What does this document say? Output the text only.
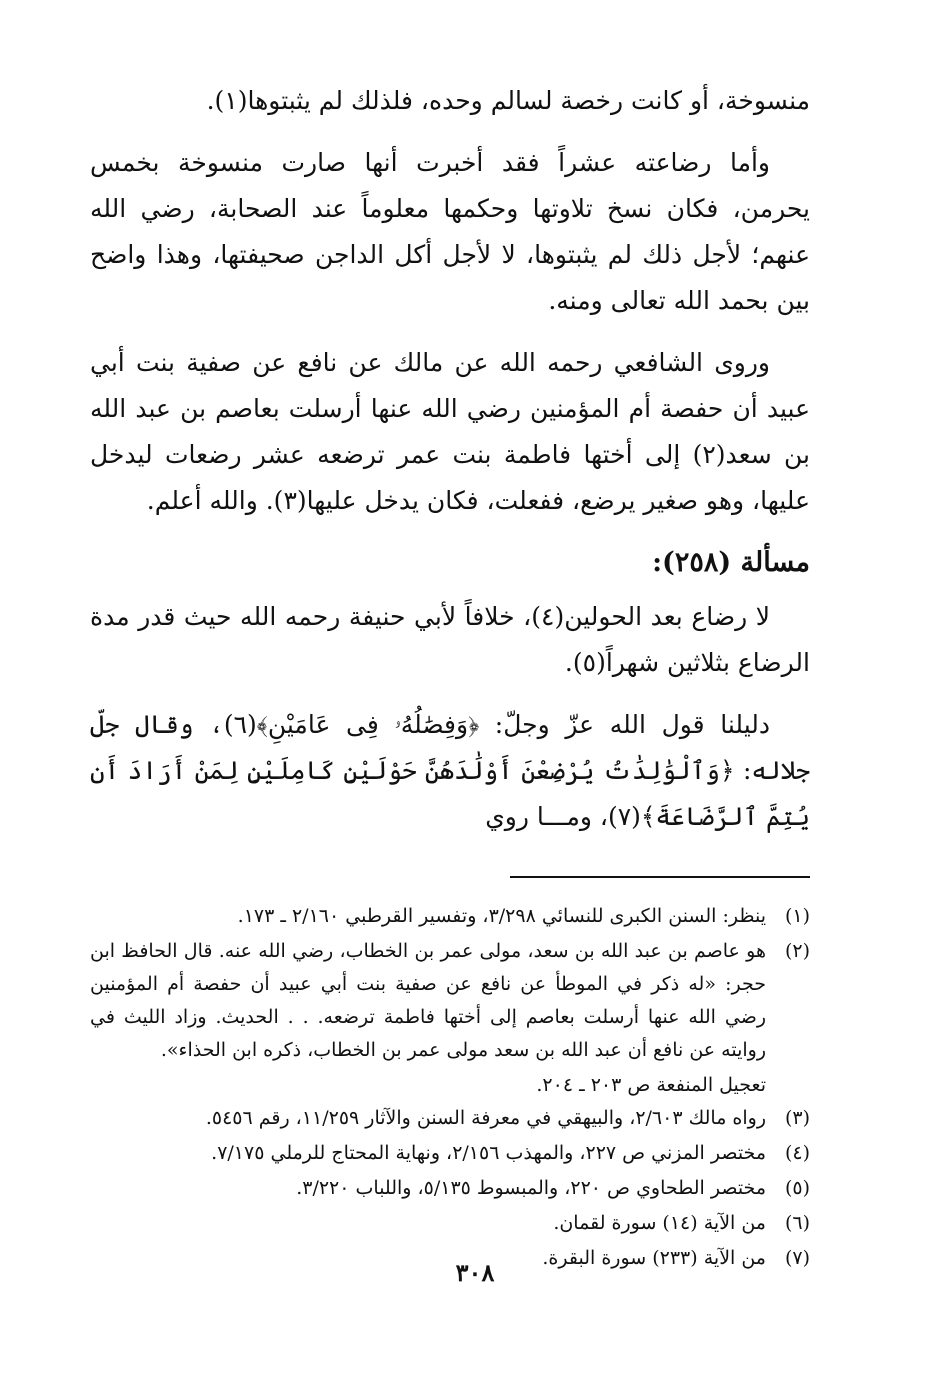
منسوخة، أو كانت رخصة لسالم وحده، فلذلك لم يثبتوها(١).

وأما رضاعته عشراً فقد أخبرت أنها صارت منسوخة بخمس يحرمن، فكان نسخ تلاوتها وحكمها معلوماً عند الصحابة، رضي الله عنهم؛ لأجل ذلك لم يثبتوها، لا لأجل أكل الداجن صحيفتها، وهذا واضح بين بحمد الله تعالى ومنه.

وروى الشافعي رحمه الله عن مالك عن نافع عن صفية بنت أبي عبيد أن حفصة أم المؤمنين رضي الله عنها أرسلت بعاصم بن عبد الله بن سعد(٢) إلى أختها فاطمة بنت عمر ترضعه عشر رضعات ليدخل عليها، وهو صغير يرضع، ففعلت، فكان يدخل عليها(٣). والله أعلم.

مسألة (٢٥٨):

لا رضاع بعد الحولين(٤)، خلافاً لأبي حنيفة رحمه الله حيث قدر مدة الرضاع بثلاثين شهراً(٥).

دليلنا قول الله عزّ وجلّ: ﴿وَفِصَٰلُهُۥ فِى عَامَيْنِ﴾(٦)، وقال جلّ جلاله: ﴿وَٱلْوَٰلِدَٰتُ يُرْضِعْنَ أَوْلَٰدَهُنَّ حَوْلَيْنِ كَامِلَيْنِ لِمَنْ أَرَادَ أَن يُتِمَّ ٱلرَّضَاعَةَ﴾(٧)، ومـــا روي

(١)
ينظر: السنن الكبرى للنسائي ٣/٢٩٨، وتفسير القرطبي ٢/١٦٠ ـ ١٧٣.
(٢)
هو عاصم بن عبد الله بن سعد، مولى عمر بن الخطاب، رضي الله عنه. قال الحافظ ابن حجر: «له ذكر في الموطأ عن نافع عن صفية بنت أبي عبيد أن حفصة أم المؤمنين رضي الله عنها أرسلت بعاصم إلى أختها فاطمة ترضعه. . . الحديث. وزاد الليث في روايته عن نافع أن عبد الله بن سعد مولى عمر بن الخطاب، ذكره ابن الحذاء».
تعجيل المنفعة ص ٢٠٣ ـ ٢٠٤.
(٣)
رواه مالك ٢/٦٠٣، والبيهقي في معرفة السنن والآثار ١١/٢٥٩، رقم ٥٤٥٦.
(٤)
مختصر المزني ص ٢٢٧، والمهذب ٢/١٥٦، ونهاية المحتاج للرملي ٧/١٧٥.
(٥)
مختصر الطحاوي ص ٢٢٠، والمبسوط ٥/١٣٥، واللباب ٣/٢٢٠.
(٦)
من الآية (١٤) سورة لقمان.
(٧)
من الآية (٢٣٣) سورة البقرة.
٣٠٨
